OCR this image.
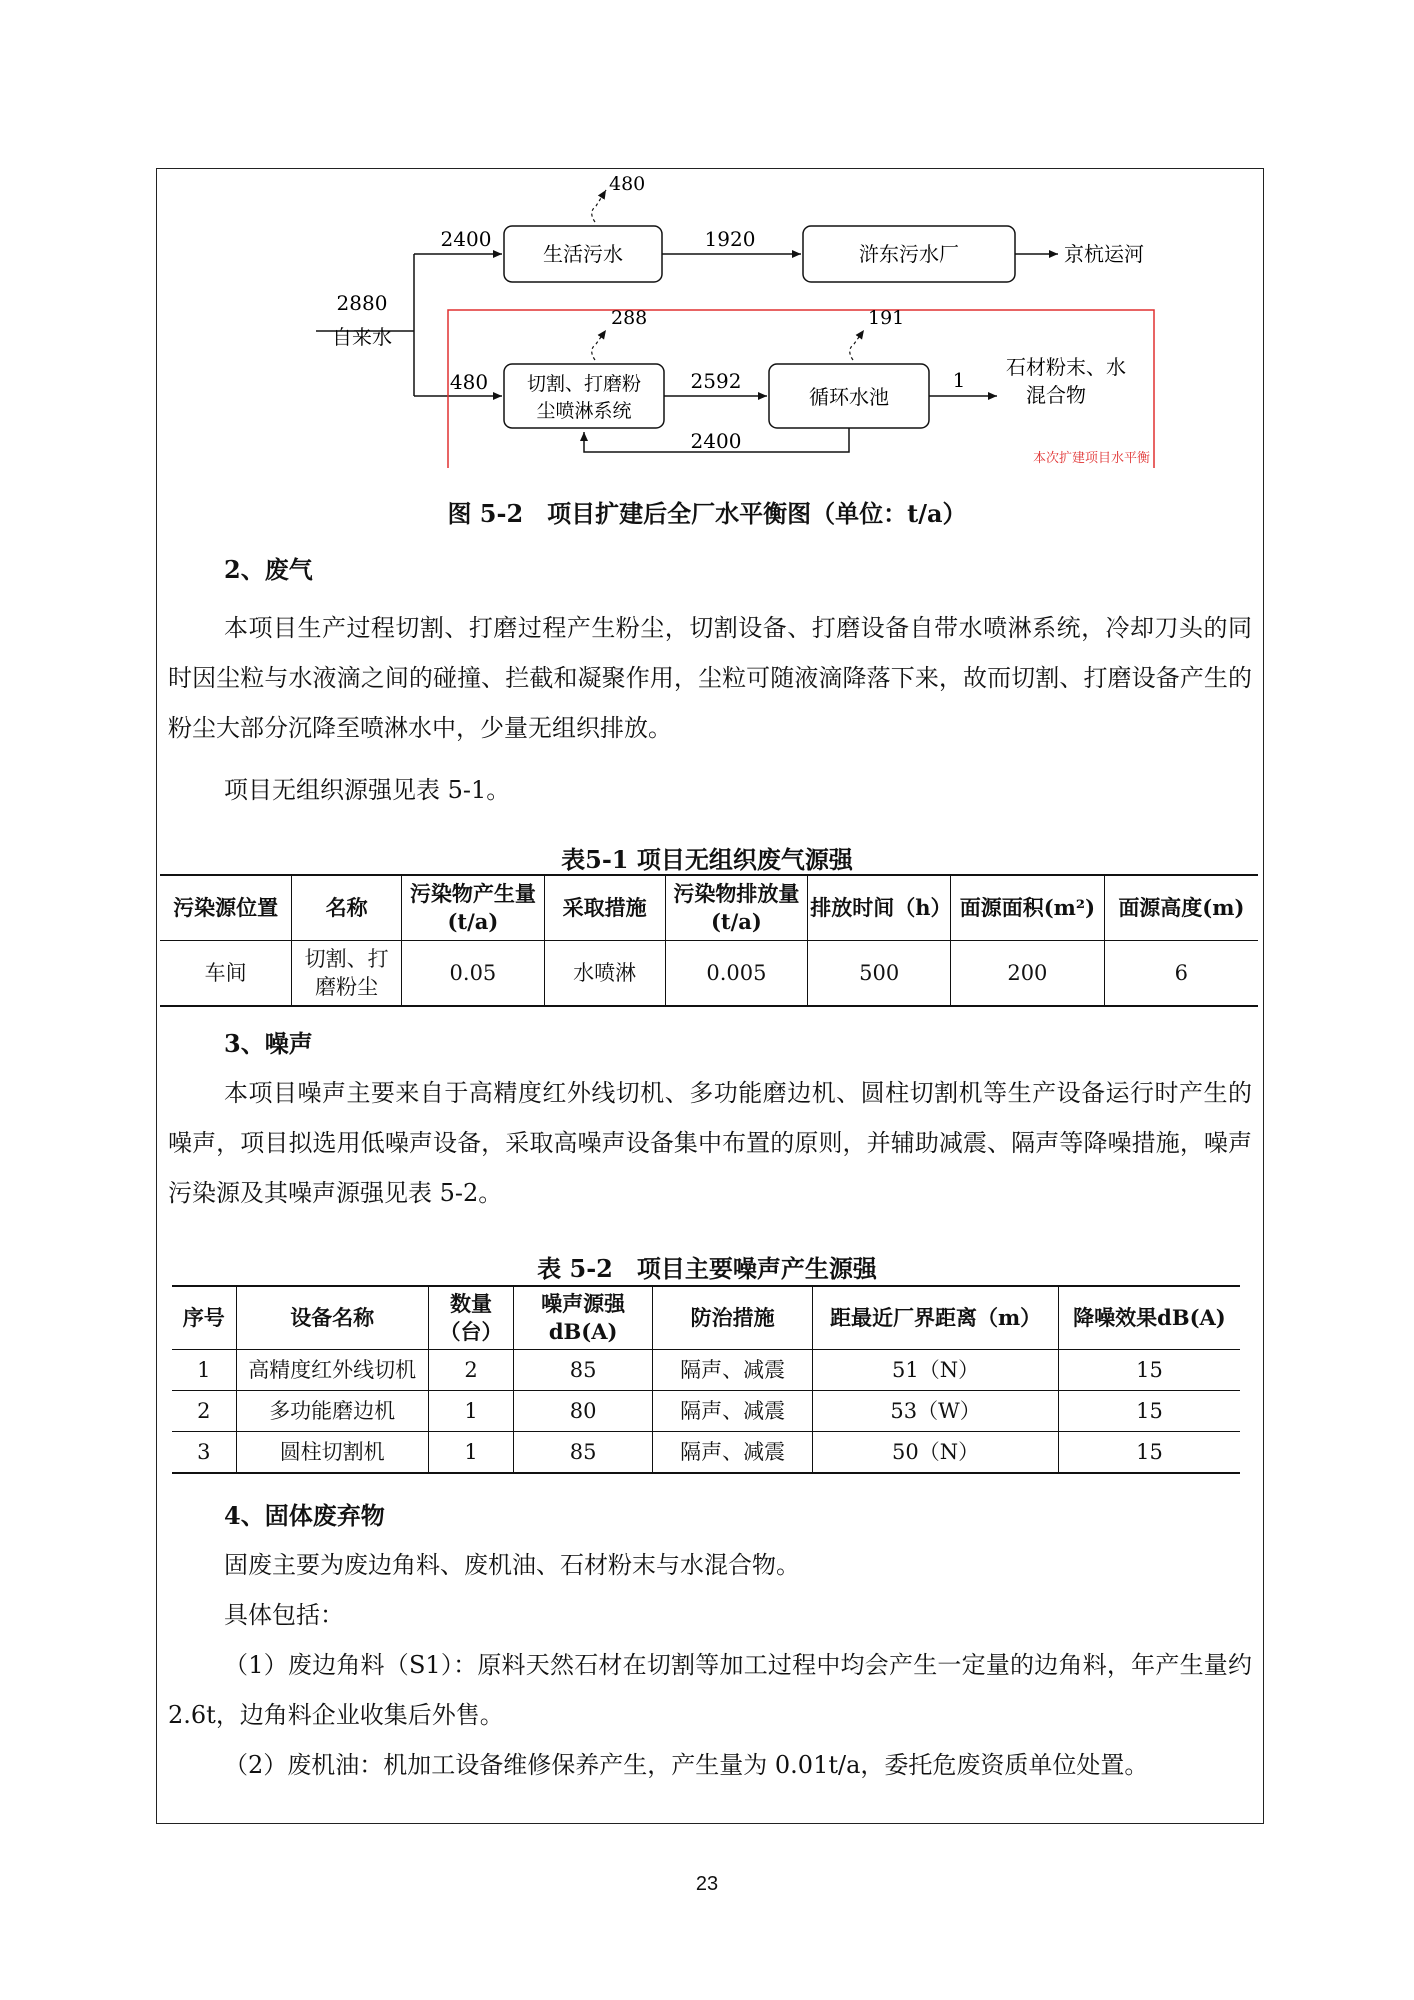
2880
自来水
2400
480
生活污水
480
1920
浒东污水厂	京杭运河
本次扩建项目水平衡
切割、打磨粉
尘喷淋系统
288
2592
循环水池
191
1
石材粉末、水
混合物
2400
图 5-2　项目扩建后全厂水平衡图（单位：t/a）
2、废气
本项目生产过程切割、打磨过程产生粉尘，切割设备、打磨设备自带水喷淋系统，冷却刀头的同时因尘粒与水液滴之间的碰撞、拦截和凝聚作用，尘粒可随液滴降落下来，故而切割、打磨设备产生的粉尘大部分沉降至喷淋水中，少量无组织排放。
项目无组织源强见表 5-1。
表5-1 项目无组织废气源强
污染源位置	名称	污染物产生量(t/a)	采取措施	污染物排放量(t/a)	排放时间（h）	面源面积(m²)	面源高度(m)
车间	切割、打磨粉尘	0.05	水喷淋	0.005	500	200	6
3、噪声
本项目噪声主要来自于高精度红外线切机、多功能磨边机、圆柱切割机等生产设备运行时产生的噪声，项目拟选用低噪声设备，采取高噪声设备集中布置的原则，并辅助减震、隔声等降噪措施，噪声污染源及其噪声源强见表 5-2。
表 5-2　项目主要噪声产生源强
序号	设备名称	数量（台）	噪声源强dB(A)	防治措施	距最近厂界距离（m）	降噪效果dB(A)
1	高精度红外线切机	2	85	隔声、减震	51（N）	15
2	多功能磨边机	1	80	隔声、减震	53（W）	15
3	圆柱切割机	1	85	隔声、减震	50（N）	15
4、固体废弃物
固废主要为废边角料、废机油、石材粉末与水混合物。
具体包括：
（1）废边角料（S1）：原料天然石材在切割等加工过程中均会产生一定量的边角料，年产生量约 2.6t，边角料企业收集后外售。
（2）废机油：机加工设备维修保养产生，产生量为 0.01t/a，委托危废资质单位处置。
23
